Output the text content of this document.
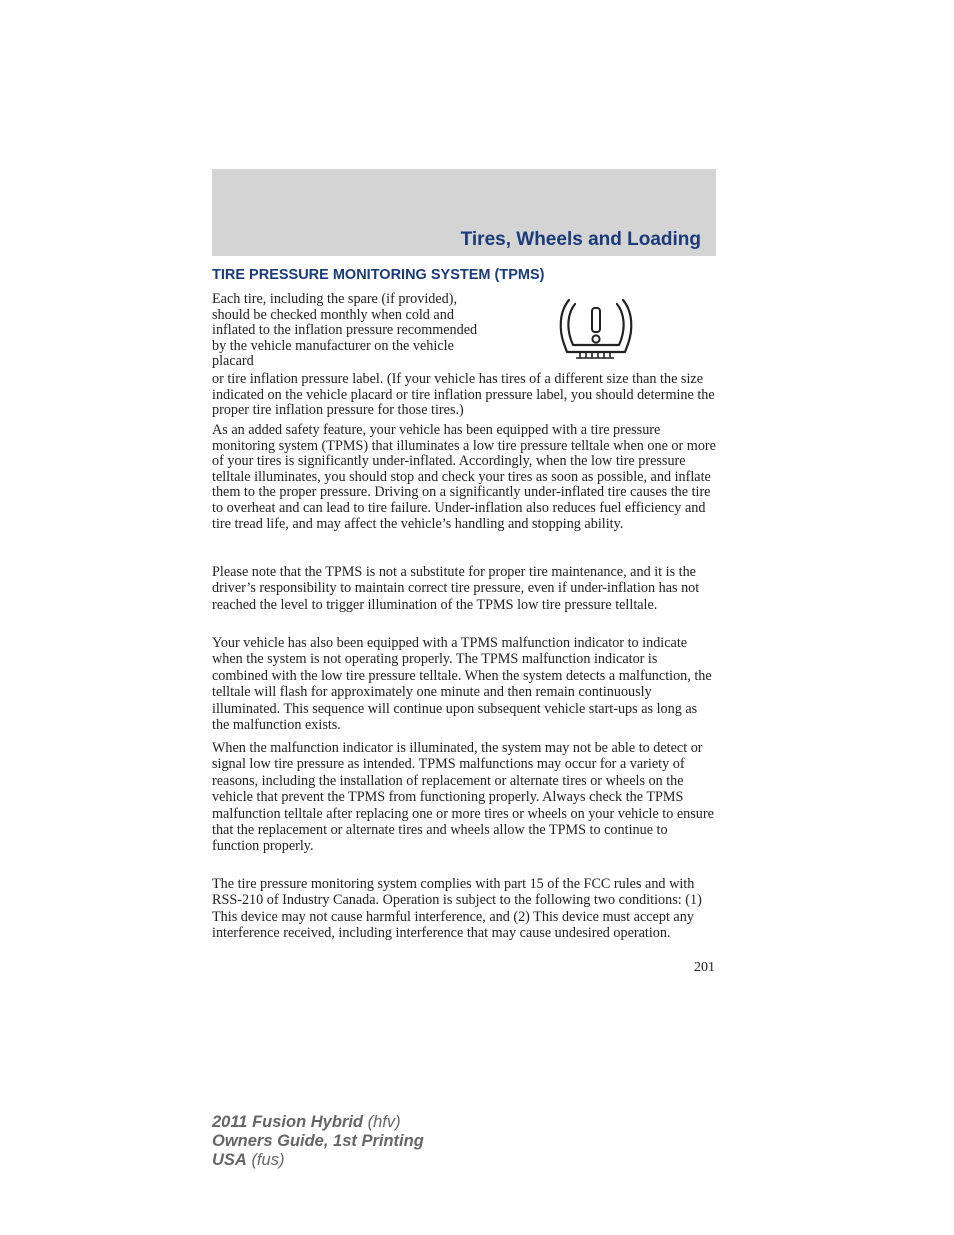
Tires, Wheels and Loading
TIRE PRESSURE MONITORING SYSTEM (TPMS)

Each tire, including the spare (if provided), should be checked monthly when cold and inflated to the inflation pressure recommended by the vehicle manufacturer on the vehicle placard

or tire inflation pressure label. (If your vehicle has tires of a different size than the size indicated on the vehicle placard or tire inflation pressure label, you should determine the proper tire inflation pressure for those tires.)

As an added safety feature, your vehicle has been equipped with a tire pressure monitoring system (TPMS) that illuminates a low tire pressure telltale when one or more of your tires is significantly under-inflated. Accordingly, when the low tire pressure telltale illuminates, you should stop and check your tires as soon as possible, and inflate them to the proper pressure. Driving on a significantly under-inflated tire causes the tire to overheat and can lead to tire failure. Under-inflation also reduces fuel efficiency and tire tread life, and may affect the vehicle’s handling and stopping ability.

Please note that the TPMS is not a substitute for proper tire maintenance, and it is the driver’s responsibility to maintain correct tire pressure, even if under-inflation has not reached the level to trigger illumination of the TPMS low tire pressure telltale.

Your vehicle has also been equipped with a TPMS malfunction indicator to indicate when the system is not operating properly. The TPMS malfunction indicator is combined with the low tire pressure telltale. When the system detects a malfunction, the telltale will flash for approximately one minute and then remain continuously illuminated. This sequence will continue upon subsequent vehicle start-ups as long as the malfunction exists.

When the malfunction indicator is illuminated, the system may not be able to detect or signal low tire pressure as intended. TPMS malfunctions may occur for a variety of reasons, including the installation of replacement or alternate tires or wheels on the vehicle that prevent the TPMS from functioning properly. Always check the TPMS malfunction telltale after replacing one or more tires or wheels on your vehicle to ensure that the replacement or alternate tires and wheels allow the TPMS to continue to function properly.

The tire pressure monitoring system complies with part 15 of the FCC rules and with RSS-210 of Industry Canada. Operation is subject to the following two conditions: (1) This device may not cause harmful interference, and (2) This device must accept any interference received, including interference that may cause undesired operation.

201
2011 Fusion Hybrid (hfv)
Owners Guide, 1st Printing
USA (fus)
